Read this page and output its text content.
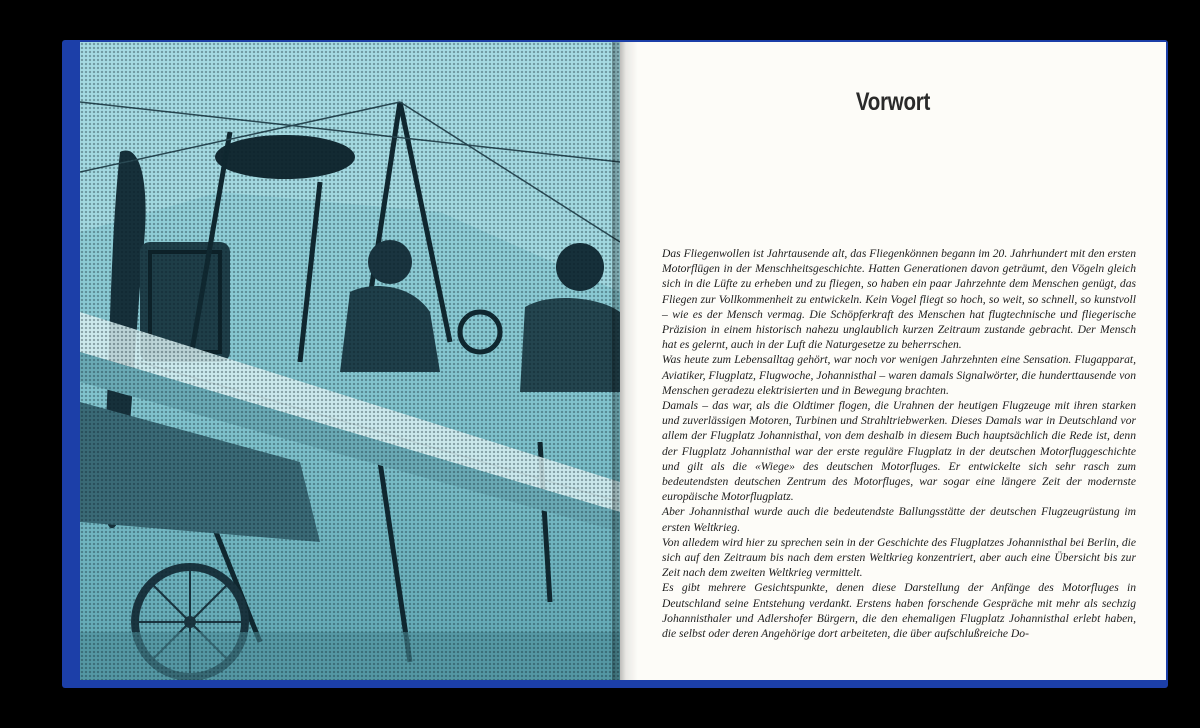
Vorwort

Das Fliegenwollen ist Jahrtausende alt, das Fliegenkönnen begann im 20. Jahrhundert mit den ersten Motorflügen in der Menschheitsgeschichte. Hatten Generationen davon geträumt, den Vögeln gleich sich in die Lüfte zu erheben und zu fliegen, so haben ein paar Jahrzehnte dem Menschen genügt, das Fliegen zur Vollkommenheit zu entwickeln. Kein Vogel fliegt so hoch, so weit, so schnell, so kunstvoll – wie es der Mensch vermag. Die Schöpferkraft des Menschen hat flugtechnische und fliegerische Präzision in einem historisch nahezu unglaublich kurzen Zeitraum zustande gebracht. Der Mensch hat es gelernt, auch in der Luft die Naturgesetze zu beherrschen.

Was heute zum Lebensalltag gehört, war noch vor wenigen Jahrzehnten eine Sensation. Flugapparat, Aviatiker, Flugplatz, Flugwoche, Johannisthal – waren damals Signalwörter, die hunderttausende von Menschen geradezu elektrisierten und in Bewegung brachten.

Damals – das war, als die Oldtimer flogen, die Urahnen der heutigen Flugzeuge mit ihren starken und zuverlässigen Motoren, Turbinen und Strahltriebwerken. Dieses Damals war in Deutschland vor allem der Flugplatz Johannisthal, von dem deshalb in diesem Buch hauptsächlich die Rede ist, denn der Flugplatz Johannisthal war der erste reguläre Flugplatz in der deutschen Motorfluggeschichte und gilt als die «Wiege» des deutschen Motorfluges. Er entwickelte sich sehr rasch zum bedeutendsten deutschen Zentrum des Motorfluges, war sogar eine längere Zeit der modernste europäische Motorflugplatz.

Aber Johannisthal wurde auch die bedeutendste Ballungsstätte der deutschen Flugzeugrüstung im ersten Weltkrieg.

Von alledem wird hier zu sprechen sein in der Geschichte des Flugplatzes Johannisthal bei Berlin, die sich auf den Zeitraum bis nach dem ersten Weltkrieg konzentriert, aber auch eine Übersicht bis zur Zeit nach dem zweiten Weltkrieg vermittelt.

Es gibt mehrere Gesichtspunkte, denen diese Darstellung der Anfänge des Motorfluges in Deutschland seine Entstehung verdankt. Erstens haben forschende Gespräche mit mehr als sechzig Johannisthaler und Adlershofer Bürgern, die den ehemaligen Flugplatz Johannisthal erlebt haben, die selbst oder deren Angehörige dort arbeiteten, die über aufschlußreiche Do-
